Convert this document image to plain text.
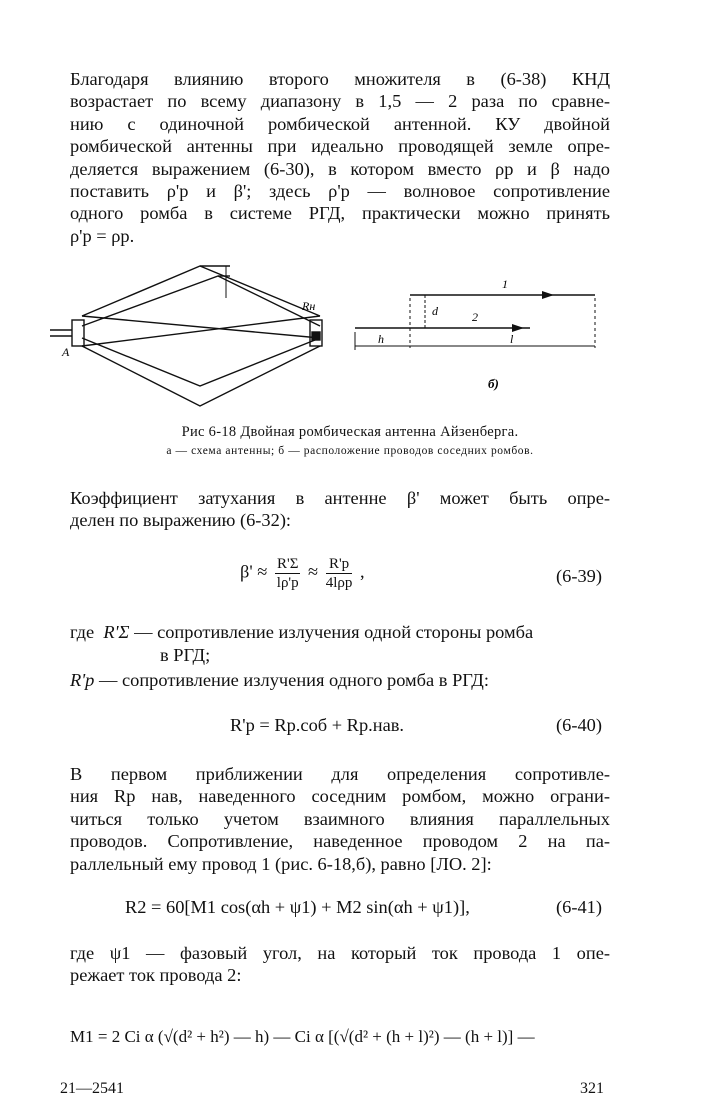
Благодаря влиянию второго множителя в (6-38) КНД
возрастает по всему диапазону в 1,5 — 2 раза по сравне-
нию с одиночной ромбической антенной. КУ двойной
ромбической антенны при идеально проводящей земле опре-
деляется выражением (6-30), в котором вместо ρр и β надо
поставить ρ'р и β'; здесь ρ'р — волновое сопротивление
одного ромба в системе РГД, практически можно принять
ρ'р = ρр.
A
Rн
1
2
d
h	l
б)
Рис 6-18 Двойная ромбическая антенна Айзенберга.
а — схема антенны; б — расположение проводов соседних ромбов.
Коэффициент затухания в антенне β' может быть опре-
делен по выражению (6-32):
$\beta' \approx \frac{R'\Sigma}{l\rho'р} \approx \frac{R'р}{\text{4lρр}}$ ,	(6-39)
где R'Σ — сопротивление излучения одной стороны ромба
в РГД;
R'р — сопротивление излучения одного ромба в РГД:
R'р = Rр.соб + Rр.нав.	(6-40)
В первом приближении для определения сопротивле-
ния Rр нав, наведенного соседним ромбом, можно ограни-
читься только учетом взаимного влияния параллельных
проводов. Сопротивление, наведенное проводом 2 на па-
раллельный ему провод 1 (рис. 6-18,б), равно [ЛО. 2]:
R2 = 60[M1 cos(αh + ψ1) + M2 sin(αh + ψ1)],	(6-41)
где ψ1 — фазовый угол, на который ток провода 1 опе-
режает ток провода 2:
M1 = 2 Ci α (√(d² + h²) — h) — Ci α [(√(d² + (h + l)²) — (h + l)] —
21—2541	321
